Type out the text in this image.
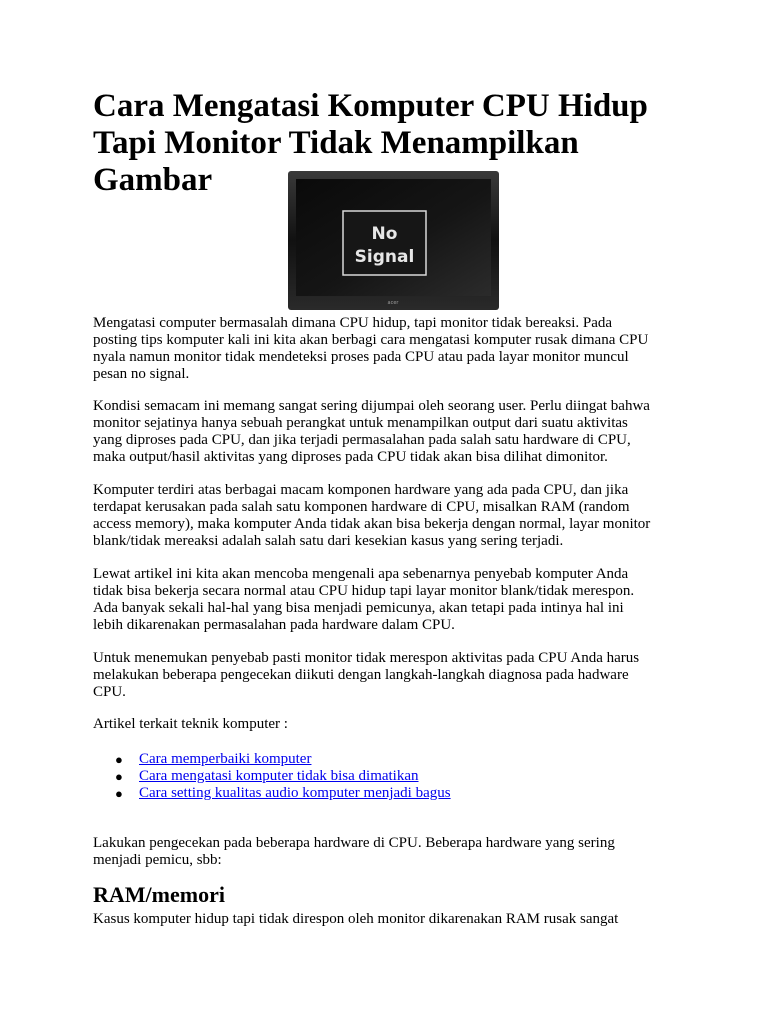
Cara Mengatasi Komputer CPU Hidup
Tapi Monitor Tidak Menampilkan Gambar
No
Signal
acer

Mengatasi computer bermasalah dimana CPU hidup, tapi monitor tidak bereaksi. Pada
posting tips komputer kali ini kita akan berbagi cara mengatasi komputer rusak dimana CPU
nyala namun monitor tidak mendeteksi proses pada CPU atau pada layar monitor muncul
pesan no signal.

Kondisi semacam ini memang sangat sering dijumpai oleh seorang user. Perlu diingat bahwa
monitor sejatinya hanya sebuah perangkat untuk menampilkan output dari suatu aktivitas
yang diproses pada CPU, dan jika terjadi permasalahan pada salah satu hardware di CPU,
maka output/hasil aktivitas yang diproses pada CPU tidak akan bisa dilihat dimonitor.

Komputer terdiri atas berbagai macam komponen hardware yang ada pada CPU, dan jika
terdapat kerusakan pada salah satu komponen hardware di CPU, misalkan RAM (random
access memory), maka komputer Anda tidak akan bisa bekerja dengan normal, layar monitor
blank/tidak mereaksi adalah salah satu dari kesekian kasus yang sering terjadi.

Lewat artikel ini kita akan mencoba mengenali apa sebenarnya penyebab komputer Anda
tidak bisa bekerja secara normal atau CPU hidup tapi layar monitor blank/tidak merespon.
Ada banyak sekali hal-hal yang bisa menjadi pemicunya, akan tetapi pada intinya hal ini
lebih dikarenakan permasalahan pada hardware dalam CPU.

Untuk menemukan penyebab pasti monitor tidak merespon aktivitas pada CPU Anda harus
melakukan beberapa pengecekan diikuti dengan langkah-langkah diagnosa pada hadware
CPU.

Artikel terkait teknik komputer :

● Cara memperbaiki komputer
● Cara mengatasi komputer tidak bisa dimatikan
● Cara setting kualitas audio komputer menjadi bagus

Lakukan pengecekan pada beberapa hardware di CPU. Beberapa hardware yang sering
menjadi pemicu, sbb:

RAM/memori

Kasus komputer hidup tapi tidak direspon oleh monitor dikarenakan RAM rusak sangat
